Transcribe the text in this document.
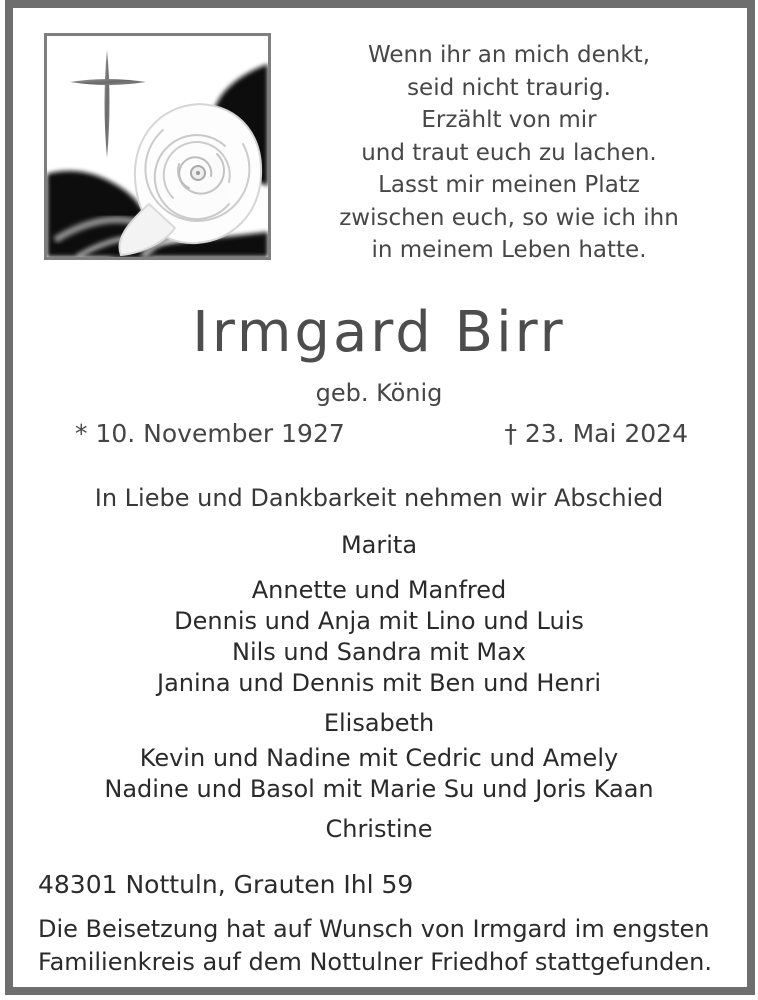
Wenn ihr an mich denkt,
seid nicht traurig.
Erzählt von mir
und traut euch zu lachen.
Lasst mir meinen Platz
zwischen euch, so wie ich ihn
in meinem Leben hatte.
Irmgard Birr
geb. König
* 10. November 1927	† 23. Mai 2024
In Liebe und Dankbarkeit nehmen wir Abschied
Marita
Annette und Manfred
Dennis und Anja mit Lino und Luis
Nils und Sandra mit Max
Janina und Dennis mit Ben und Henri
Elisabeth
Kevin und Nadine mit Cedric und Amely
Nadine und Basol mit Marie Su und Joris Kaan
Christine
48301 Nottuln, Grauten Ihl 59
Die Beisetzung hat auf Wunsch von Irmgard im engsten
Familienkreis auf dem Nottulner Friedhof stattgefunden.
